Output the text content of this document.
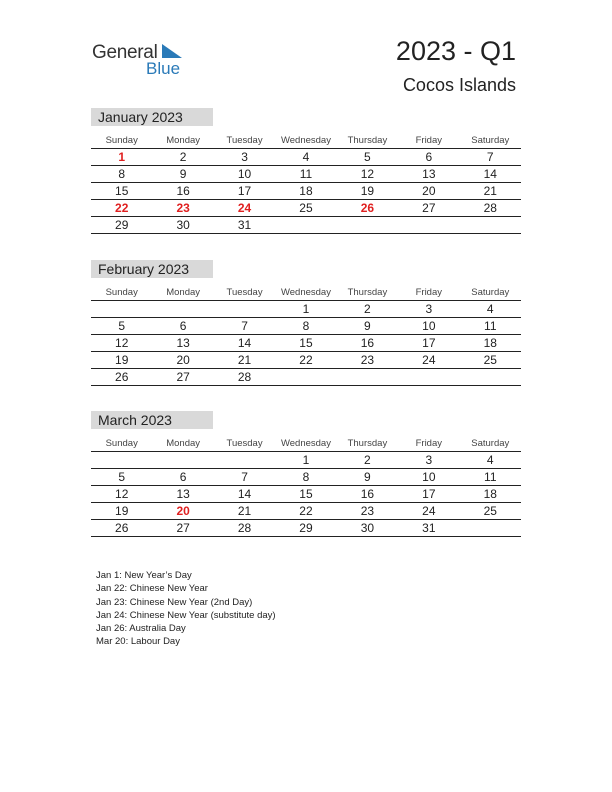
General
Blue
2023 - Q1
Cocos Islands
January 2023
Sunday	Monday	Tuesday	Wednesday	Thursday	Friday	Saturday
1	2	3	4	5	6	7
8	9	10	11	12	13	14
15	16	17	18	19	20	21
22	23	24	25	26	27	28
29	30	31				
February 2023
Sunday	Monday	Tuesday	Wednesday	Thursday	Friday	Saturday
			1	2	3	4
5	6	7	8	9	10	11
12	13	14	15	16	17	18
19	20	21	22	23	24	25
26	27	28				
March 2023
Sunday	Monday	Tuesday	Wednesday	Thursday	Friday	Saturday
			1	2	3	4
5	6	7	8	9	10	11
12	13	14	15	16	17	18
19	20	21	22	23	24	25
26	27	28	29	30	31	
Jan 1: New Year’s Day
Jan 22: Chinese New Year
Jan 23: Chinese New Year (2nd Day)
Jan 24: Chinese New Year (substitute day)
Jan 26: Australia Day
Mar 20: Labour Day
